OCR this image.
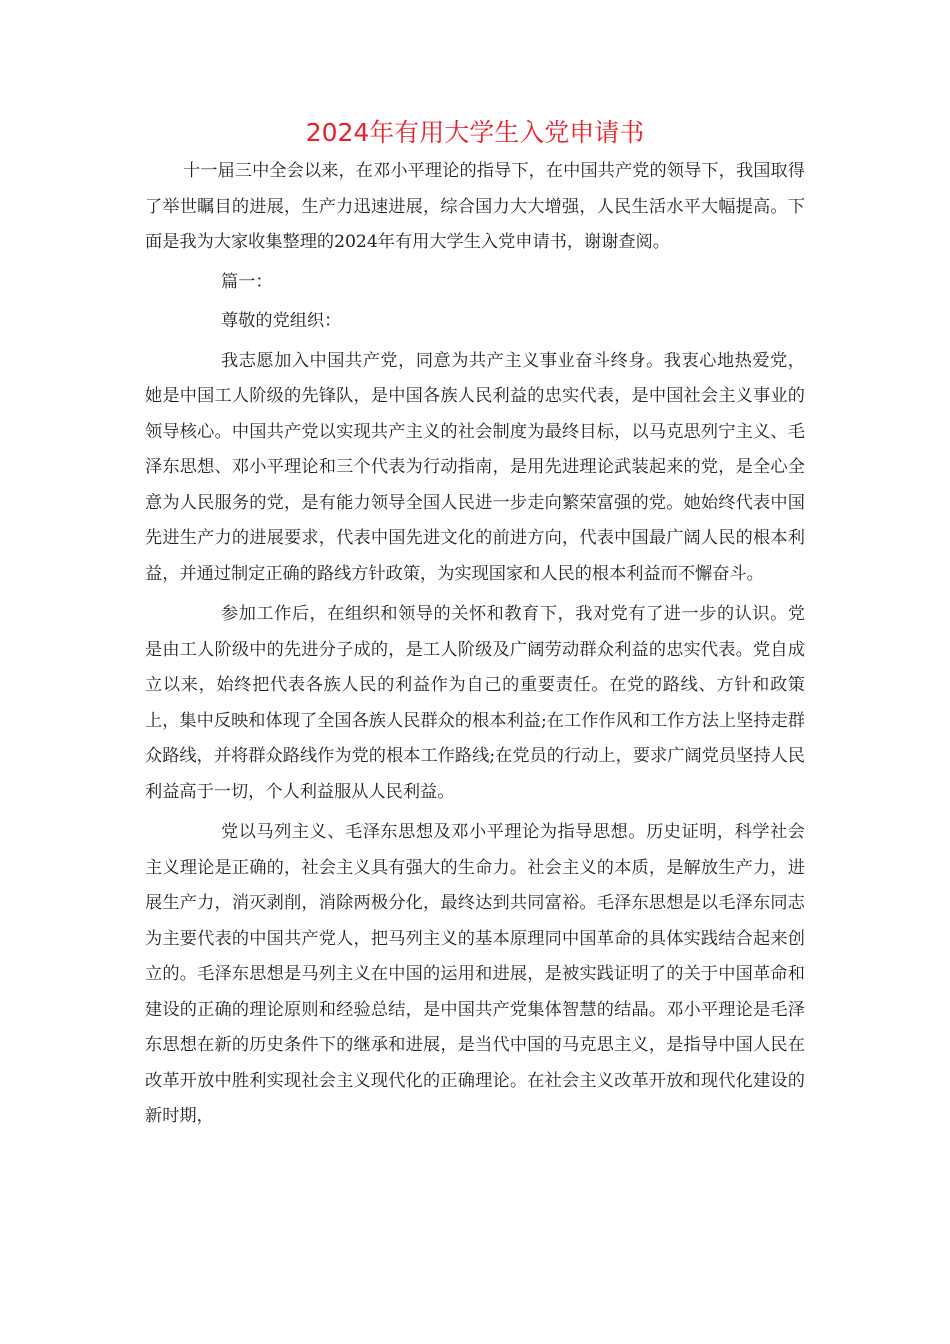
2024年有用大学生入党申请书

十一届三中全会以来，在邓小平理论的指导下，在中国共产党的领导下，我国取得了举世瞩目的进展，生产力迅速进展，综合国力大大增强，人民生活水平大幅提高。下面是我为大家收集整理的2024年有用大学生入党申请书，谢谢查阅。

篇一：

尊敬的党组织：

我志愿加入中国共产党，同意为共产主义事业奋斗终身。我衷心地热爱党，她是中国工人阶级的先锋队，是中国各族人民利益的忠实代表，是中国社会主义事业的领导核心。中国共产党以实现共产主义的社会制度为最终目标，以马克思列宁主义、毛泽东思想、邓小平理论和三个代表为行动指南，是用先进理论武装起来的党，是全心全意为人民服务的党，是有能力领导全国人民进一步走向繁荣富强的党。她始终代表中国先进生产力的进展要求，代表中国先进文化的前进方向，代表中国最广阔人民的根本利益，并通过制定正确的路线方针政策，为实现国家和人民的根本利益而不懈奋斗。

参加工作后，在组织和领导的关怀和教育下，我对党有了进一步的认识。党是由工人阶级中的先进分子成的，是工人阶级及广阔劳动群众利益的忠实代表。党自成立以来，始终把代表各族人民的利益作为自己的重要责任。在党的路线、方针和政策上，集中反映和体现了全国各族人民群众的根本利益;在工作作风和工作方法上坚持走群众路线，并将群众路线作为党的根本工作路线;在党员的行动上，要求广阔党员坚持人民利益高于一切，个人利益服从人民利益。

党以马列主义、毛泽东思想及邓小平理论为指导思想。历史证明，科学社会主义理论是正确的，社会主义具有强大的生命力。社会主义的本质，是解放生产力，进展生产力，消灭剥削，消除两极分化，最终达到共同富裕。毛泽东思想是以毛泽东同志为主要代表的中国共产党人，把马列主义的基本原理同中国革命的具体实践结合起来创立的。毛泽东思想是马列主义在中国的运用和进展，是被实践证明了的关于中国革命和建设的正确的理论原则和经验总结，是中国共产党集体智慧的结晶。邓小平理论是毛泽东思想在新的历史条件下的继承和进展，是当代中国的马克思主义，是指导中国人民在改革开放中胜利实现社会主义现代化的正确理论。在社会主义改革开放和现代化建设的新时期，
